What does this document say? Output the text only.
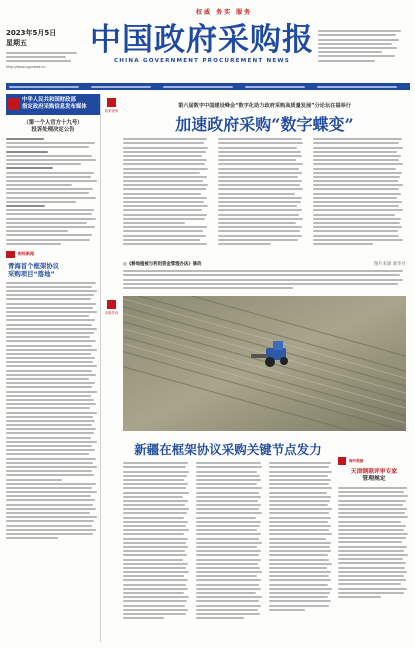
权威 务实 服务
2023年5月5日
星期五
http://www.cgpnews.cn
中国政府采购报
CHINA GOVERNMENT PROCUREMENT NEWS
中华人民共和国财政部
指定政府采购信息发布媒体
（第一个人官方十九号）
投诉处理决定公告
财经新闻
青海首个框架协议
采购项目“落地”
政采视角
本版导读
第六届数字中国建设峰会“数字化助力政府采购高质量发展”分论坛在福举行
加速政府采购“数字蝶变”
◎《耕地植被与利用资金管理办法》修改	图片来源 新华社
新疆在框架协议采购关键节点发力
海外观察
天津钢联评审专家
管理规定
